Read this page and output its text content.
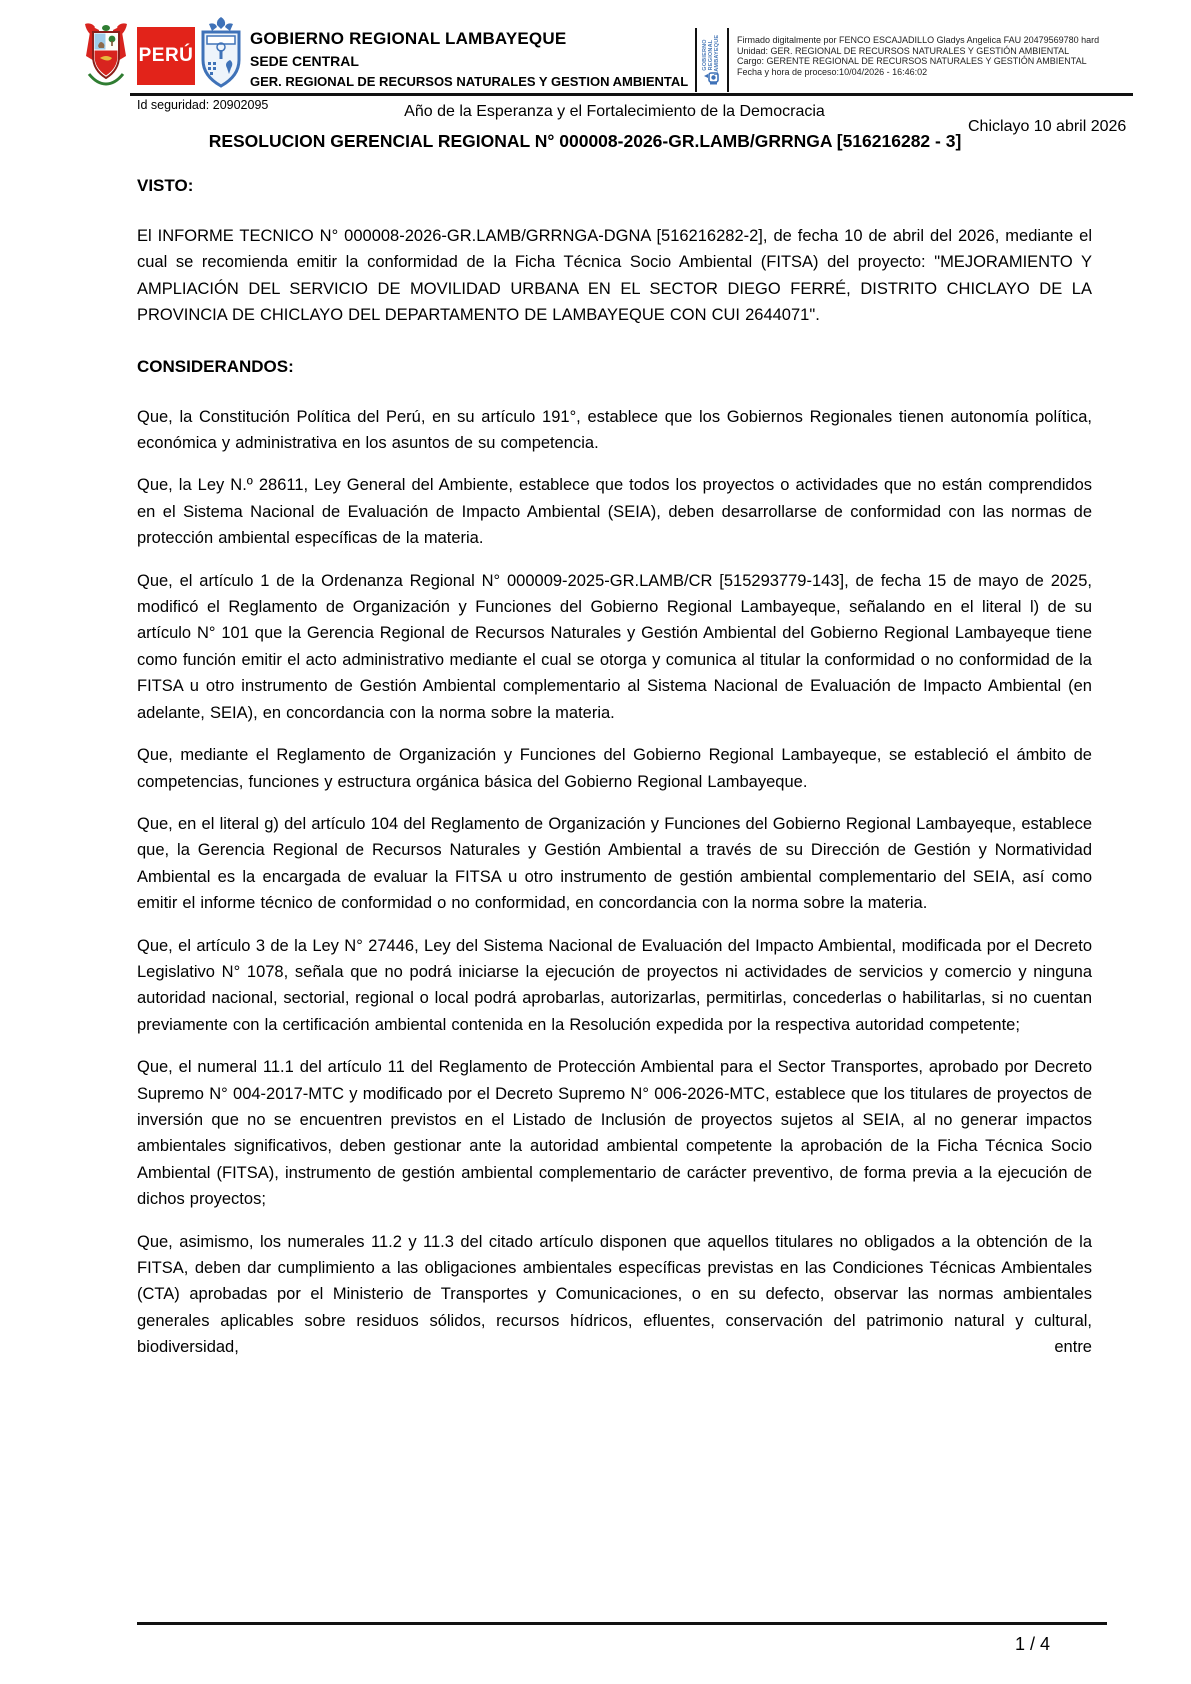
PERÚ
GOBIERNO REGIONAL LAMBAYEQUE
SEDE CENTRAL
GER. REGIONAL DE RECURSOS NATURALES Y GESTION AMBIENTAL
GOBIERNO REGIONAL LAMBAYEQUE Firmado digitalmente por FENCO ESCAJADILLO Gladys Angelica FAU 20479569780 hard
Unidad: GER. REGIONAL DE RECURSOS NATURALES Y GESTIÓN AMBIENTAL
Cargo: GERENTE REGIONAL DE RECURSOS NATURALES Y GESTIÓN AMBIENTAL
Fecha y hora de proceso:10/04/2026 - 16:46:02
Id seguridad: 20902095	Año de la Esperanza y el Fortalecimiento de la Democracia
Chiclayo 10 abril 2026
RESOLUCION GERENCIAL REGIONAL N° 000008-2026-GR.LAMB/GRRNGA [516216282 - 3]
VISTO:

El INFORME TECNICO N° 000008-2026-GR.LAMB/GRRNGA-DGNA [516216282-2], de fecha 10 de abril del 2026, mediante el cual se recomienda emitir la conformidad de la Ficha Técnica Socio Ambiental (FITSA) del proyecto: "MEJORAMIENTO Y AMPLIACIÓN DEL SERVICIO DE MOVILIDAD URBANA EN EL SECTOR DIEGO FERRÉ, DISTRITO CHICLAYO DE LA PROVINCIA DE CHICLAYO DEL DEPARTAMENTO DE LAMBAYEQUE CON CUI 2644071".

CONSIDERANDOS:

Que, la Constitución Política del Perú, en su artículo 191°, establece que los Gobiernos Regionales tienen autonomía política, económica y administrativa en los asuntos de su competencia.

Que, la Ley N.º 28611, Ley General del Ambiente, establece que todos los proyectos o actividades que no están comprendidos en el Sistema Nacional de Evaluación de Impacto Ambiental (SEIA), deben desarrollarse de conformidad con las normas de protección ambiental específicas de la materia.

Que, el artículo 1 de la Ordenanza Regional N° 000009-2025-GR.LAMB/CR [515293779-143], de fecha 15 de mayo de 2025, modificó el Reglamento de Organización y Funciones del Gobierno Regional Lambayeque, señalando en el literal l) de su artículo N° 101 que la Gerencia Regional de Recursos Naturales y Gestión Ambiental del Gobierno Regional Lambayeque tiene como función emitir el acto administrativo mediante el cual se otorga y comunica al titular la conformidad o no conformidad de la FITSA u otro instrumento de Gestión Ambiental complementario al Sistema Nacional de Evaluación de Impacto Ambiental (en adelante, SEIA), en concordancia con la norma sobre la materia.

Que, mediante el Reglamento de Organización y Funciones del Gobierno Regional Lambayeque, se estableció el ámbito de competencias, funciones y estructura orgánica básica del Gobierno Regional Lambayeque.

Que, en el literal g) del artículo 104 del Reglamento de Organización y Funciones del Gobierno Regional Lambayeque, establece que, la Gerencia Regional de Recursos Naturales y Gestión Ambiental a través de su Dirección de Gestión y Normatividad Ambiental es la encargada de evaluar la FITSA u otro instrumento de gestión ambiental complementario del SEIA, así como emitir el informe técnico de conformidad o no conformidad, en concordancia con la norma sobre la materia.

Que, el artículo 3 de la Ley N° 27446, Ley del Sistema Nacional de Evaluación del Impacto Ambiental, modificada por el Decreto Legislativo N° 1078, señala que no podrá iniciarse la ejecución de proyectos ni actividades de servicios y comercio y ninguna autoridad nacional, sectorial, regional o local podrá aprobarlas, autorizarlas, permitirlas, concederlas o habilitarlas, si no cuentan previamente con la certificación ambiental contenida en la Resolución expedida por la respectiva autoridad competente;

Que, el numeral 11.1 del artículo 11 del Reglamento de Protección Ambiental para el Sector Transportes, aprobado por Decreto Supremo N° 004-2017-MTC y modificado por el Decreto Supremo N° 006-2026-MTC, establece que los titulares de proyectos de inversión que no se encuentren previstos en el Listado de Inclusión de proyectos sujetos al SEIA, al no generar impactos ambientales significativos, deben gestionar ante la autoridad ambiental competente la aprobación de la Ficha Técnica Socio Ambiental (FITSA), instrumento de gestión ambiental complementario de carácter preventivo, de forma previa a la ejecución de dichos proyectos;

Que, asimismo, los numerales 11.2 y 11.3 del citado artículo disponen que aquellos titulares no obligados a la obtención de la FITSA, deben dar cumplimiento a las obligaciones ambientales específicas previstas en las Condiciones Técnicas Ambientales (CTA) aprobadas por el Ministerio de Transportes y Comunicaciones, o en su defecto, observar las normas ambientales generales aplicables sobre residuos sólidos, recursos hídricos, efluentes, conservación del patrimonio natural y cultural, biodiversidad, entre

1 / 4
